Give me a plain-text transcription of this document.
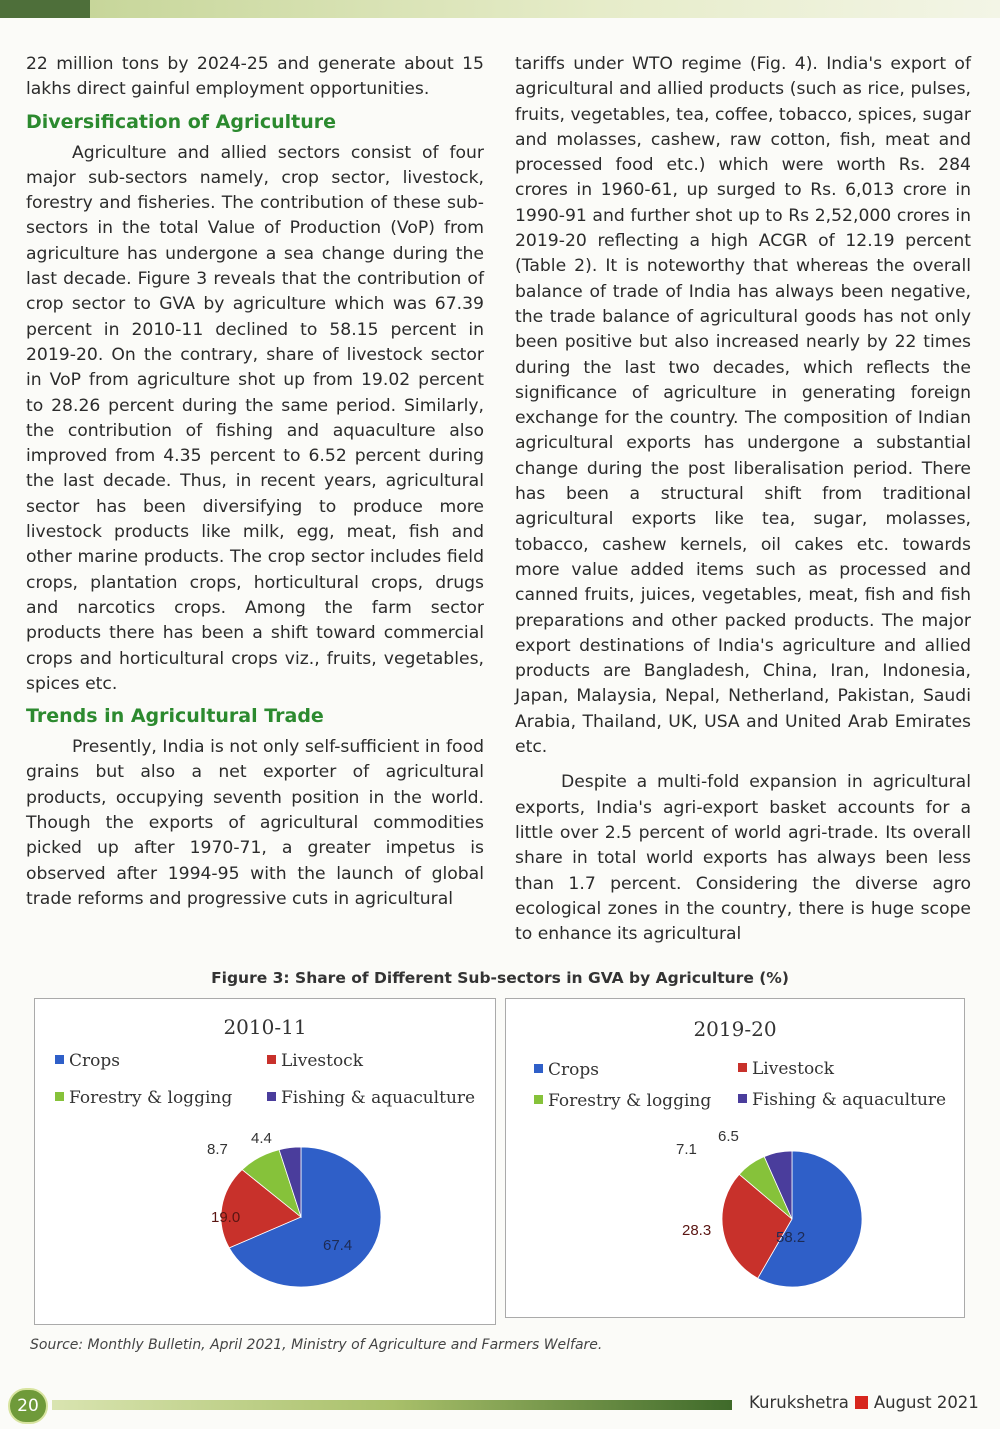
22 million tons by 2024-25 and generate about 15 lakhs direct gainful employment opportunities.

Diversification of Agriculture

Agriculture and allied sectors consist of four major sub-sectors namely, crop sector, livestock, forestry and fisheries. The contribution of these sub-sectors in the total Value of Production (VoP) from agriculture has undergone a sea change during the last decade. Figure 3 reveals that the contribution of crop sector to GVA by agriculture which was 67.39 percent in 2010-11 declined to 58.15 percent in 2019-20. On the contrary, share of livestock sector in VoP from agriculture shot up from 19.02 percent to 28.26 percent during the same period. Similarly, the contribution of fishing and aquaculture also improved from 4.35 percent to 6.52 percent during the last decade. Thus, in recent years, agricultural sector has been diversifying to produce more livestock products like milk, egg, meat, fish and other marine products. The crop sector includes field crops, plantation crops, horticultural crops, drugs and narcotics crops. Among the farm sector products there has been a shift toward commercial crops and horticultural crops viz., fruits, vegetables, spices etc.

Trends in Agricultural Trade

Presently, India is not only self-sufficient in food grains but also a net exporter of agricultural products, occupying seventh position in the world. Though the exports of agricultural commodities picked up after 1970-71, a greater impetus is observed after 1994-95 with the launch of global trade reforms and progressive cuts in agricultural

tariffs under WTO regime (Fig. 4). India's export of agricultural and allied products (such as rice, pulses, fruits, vegetables, tea, coffee, tobacco, spices, sugar and molasses, cashew, raw cotton, fish, meat and processed food etc.) which were worth Rs. 284 crores in 1960-61, up surged to Rs. 6,013 crore in 1990-91 and further shot up to Rs 2,52,000 crores in 2019-20 reflecting a high ACGR of 12.19 percent (Table 2). It is noteworthy that whereas the overall balance of trade of India has always been negative, the trade balance of agricultural goods has not only been positive but also increased nearly by 22 times during the last two decades, which reflects the significance of agriculture in generating foreign exchange for the country. The composition of Indian agricultural exports has undergone a substantial change during the post liberalisation period. There has been a structural shift from traditional agricultural exports like tea, sugar, molasses, tobacco, cashew kernels, oil cakes etc. towards more value added items such as processed and canned fruits, juices, vegetables, meat, fish and fish preparations and other packed products. The major export destinations of India's agriculture and allied products are Bangladesh, China, Iran, Indonesia, Japan, Malaysia, Nepal, Netherland, Pakistan, Saudi Arabia, Thailand, UK, USA and United Arab Emirates etc.

Despite a multi-fold expansion in agricultural exports, India's agri-export basket accounts for a little over 2.5 percent of world agri-trade. Its overall share in total world exports has always been less than 1.7 percent. Considering the diverse agro ecological zones in the country, there is huge scope to enhance its agricultural

Figure 3: Share of Different Sub-sectors in GVA by Agriculture (%)
2010-11
Crops	Livestock
Forestry & logging	Fishing & aquaculture
67.4
19.0
8.7
4.4
2019-20
Crops	Livestock
Forestry & logging	Fishing & aquaculture
58.2
28.3
7.1
6.5
Source: Monthly Bulletin, April 2021, Ministry of Agriculture and Farmers Welfare.
20	Kurukshetra August 2021
